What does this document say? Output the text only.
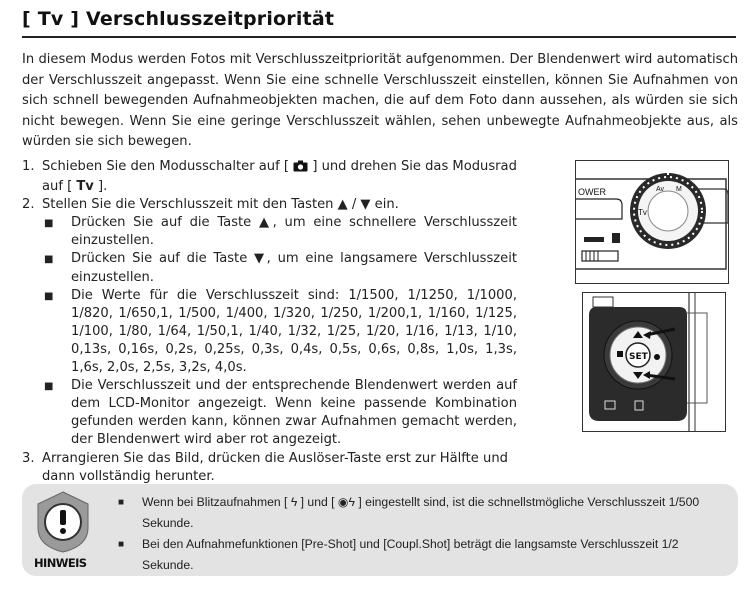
[ Tv ] Verschlusszeitpriorität
In diesem Modus werden Fotos mit Verschlusszeitpriorität aufgenommen. Der Blendenwert wird automatisch der Verschlusszeit angepasst. Wenn Sie eine schnelle Verschlusszeit einstellen, können Sie Aufnahmen von sich schnell bewegenden Aufnahmeobjekten machen, die auf dem Foto dann aussehen, als würden sie sich nicht bewegen. Wenn Sie eine geringe Verschlusszeit wählen, sehen unbewegte Aufnahmeobjekte aus, als würden sie sich bewegen.
1. Schieben Sie den Modusschalter auf [  ] und drehen Sie das Modusrad auf [ Tv ].
2. Stellen Sie die Verschlusszeit mit den Tasten ▲ / ▼ ein.
■	Drücken Sie auf die Taste ▲, um eine schnellere Verschlusszeit einzustellen.
■	Drücken Sie auf die Taste ▼, um eine langsamere Verschlusszeit einzustellen.
■	Die Werte für die Verschlusszeit sind: 1/1500, 1/1250, 1/1000, 1/820, 1/650,1, 1/500, 1/400, 1/320, 1/250, 1/200,1, 1/160, 1/125, 1/100, 1/80, 1/64, 1/50,1, 1/40, 1/32, 1/25, 1/20, 1/16, 1/13, 1/10, 0,13s, 0,16s, 0,2s, 0,25s, 0,3s, 0,4s, 0,5s, 0,6s, 0,8s, 1,0s, 1,3s, 1,6s, 2,0s, 2,5s, 3,2s, 4,0s.
■	Die Verschlusszeit und der entsprechende Blendenwert werden auf dem LCD-Monitor angezeigt. Wenn keine passende Kombination gefunden werden kann, können zwar Aufnahmen gemacht werden, der Blendenwert wird aber rot angezeigt.
3. Arrangieren Sie das Bild, drücken die Auslöser-Taste erst zur Hälfte und dann vollständig herunter.
OWER
Tv
Av M
SET
HINWEIS
■	Wenn bei Blitzaufnahmen [ ϟ ] und [ ◉ϟ ] eingestellt sind, ist die schnellstmögliche Verschlusszeit 1/500 Sekunde.
■	Bei den Aufnahmefunktionen [Pre-Shot] und [Coupl.Shot] beträgt die langsamste Verschlusszeit 1/2 Sekunde.
